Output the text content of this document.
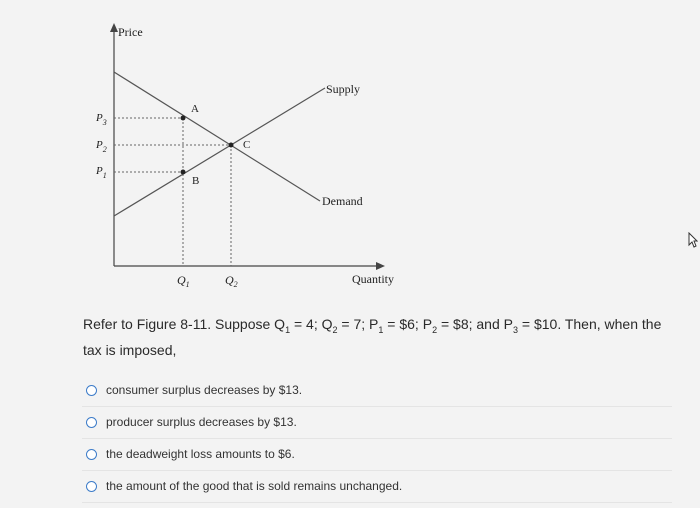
Price
Quantity
Supply
Demand
A
B
C
$P_3$
$P_2$
$P_1$
$Q_1$	$Q_2$
Refer to Figure 8-11. Suppose $Q_1 = 4$; $Q_2 = 7$; $P_1$ = $6; $P_2$ = $8; and $P_3$ = $10. Then, when the tax is imposed,
consumer surplus decreases by $13.
producer surplus decreases by $13.
the deadweight loss amounts to $6.
the amount of the good that is sold remains unchanged.
